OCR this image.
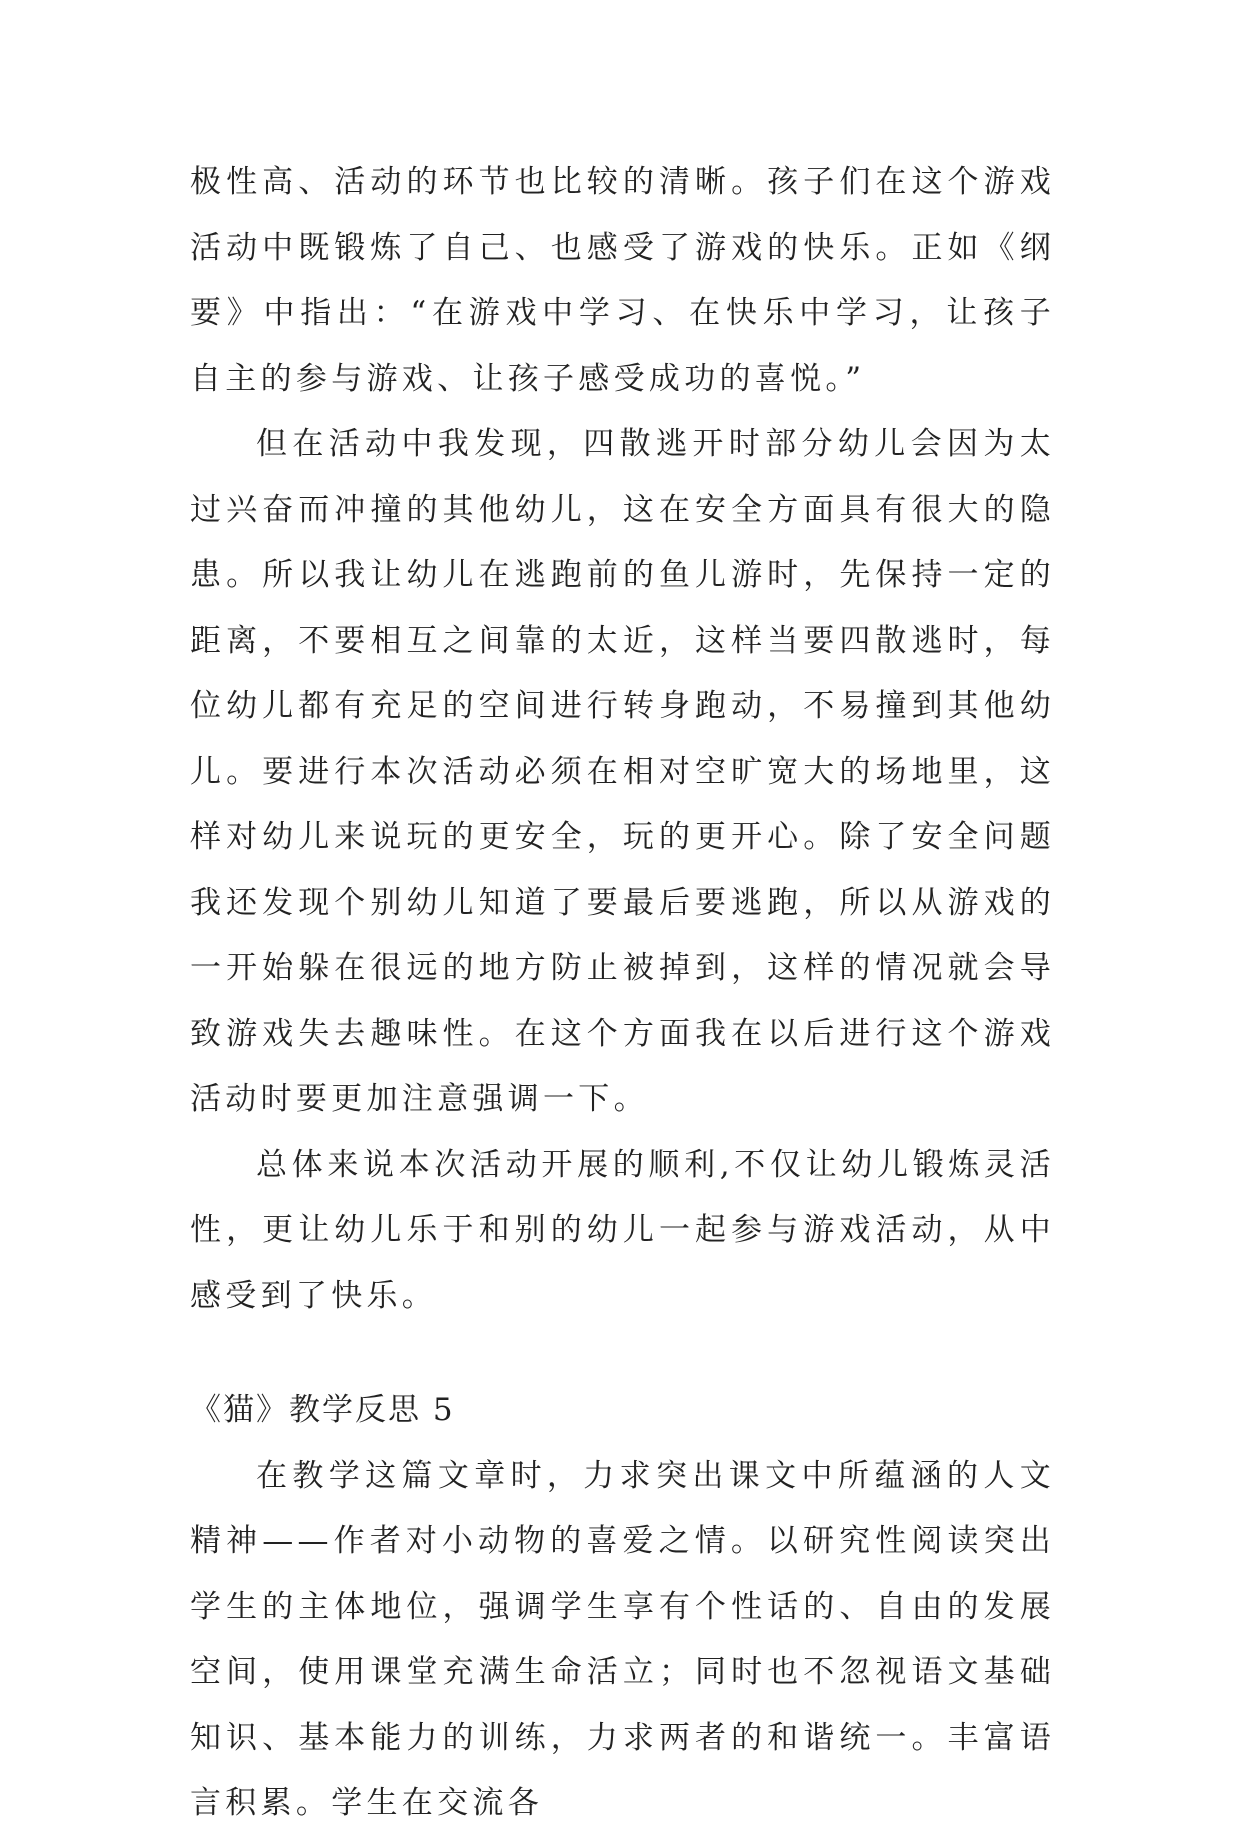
极性高、活动的环节也比较的清晰。孩子们在这个游戏活动中既锻炼了自己、也感受了游戏的快乐。正如《纲要》中指出：“在游戏中学习、在快乐中学习，让孩子自主的参与游戏、让孩子感受成功的喜悦。”

但在活动中我发现，四散逃开时部分幼儿会因为太过兴奋而冲撞的其他幼儿，这在安全方面具有很大的隐患。所以我让幼儿在逃跑前的鱼儿游时，先保持一定的距离，不要相互之间靠的太近，这样当要四散逃时，每位幼儿都有充足的空间进行转身跑动，不易撞到其他幼儿。要进行本次活动必须在相对空旷宽大的场地里，这样对幼儿来说玩的更安全，玩的更开心。除了安全问题我还发现个别幼儿知道了要最后要逃跑，所以从游戏的一开始躲在很远的地方防止被掉到，这样的情况就会导致游戏失去趣味性。在这个方面我在以后进行这个游戏活动时要更加注意强调一下。

总体来说本次活动开展的顺利,不仅让幼儿锻炼灵活性，更让幼儿乐于和别的幼儿一起参与游戏活动，从中感受到了快乐。

《猫》教学反思 5

在教学这篇文章时，力求突出课文中所蕴涵的人文精神——作者对小动物的喜爱之情。以研究性阅读突出学生的主体地位，强调学生享有个性话的、自由的发展空间，使用课堂充满生命活立；同时也不忽视语文基础知识、基本能力的训练，力求两者的和谐统一。丰富语言积累。学生在交流各
